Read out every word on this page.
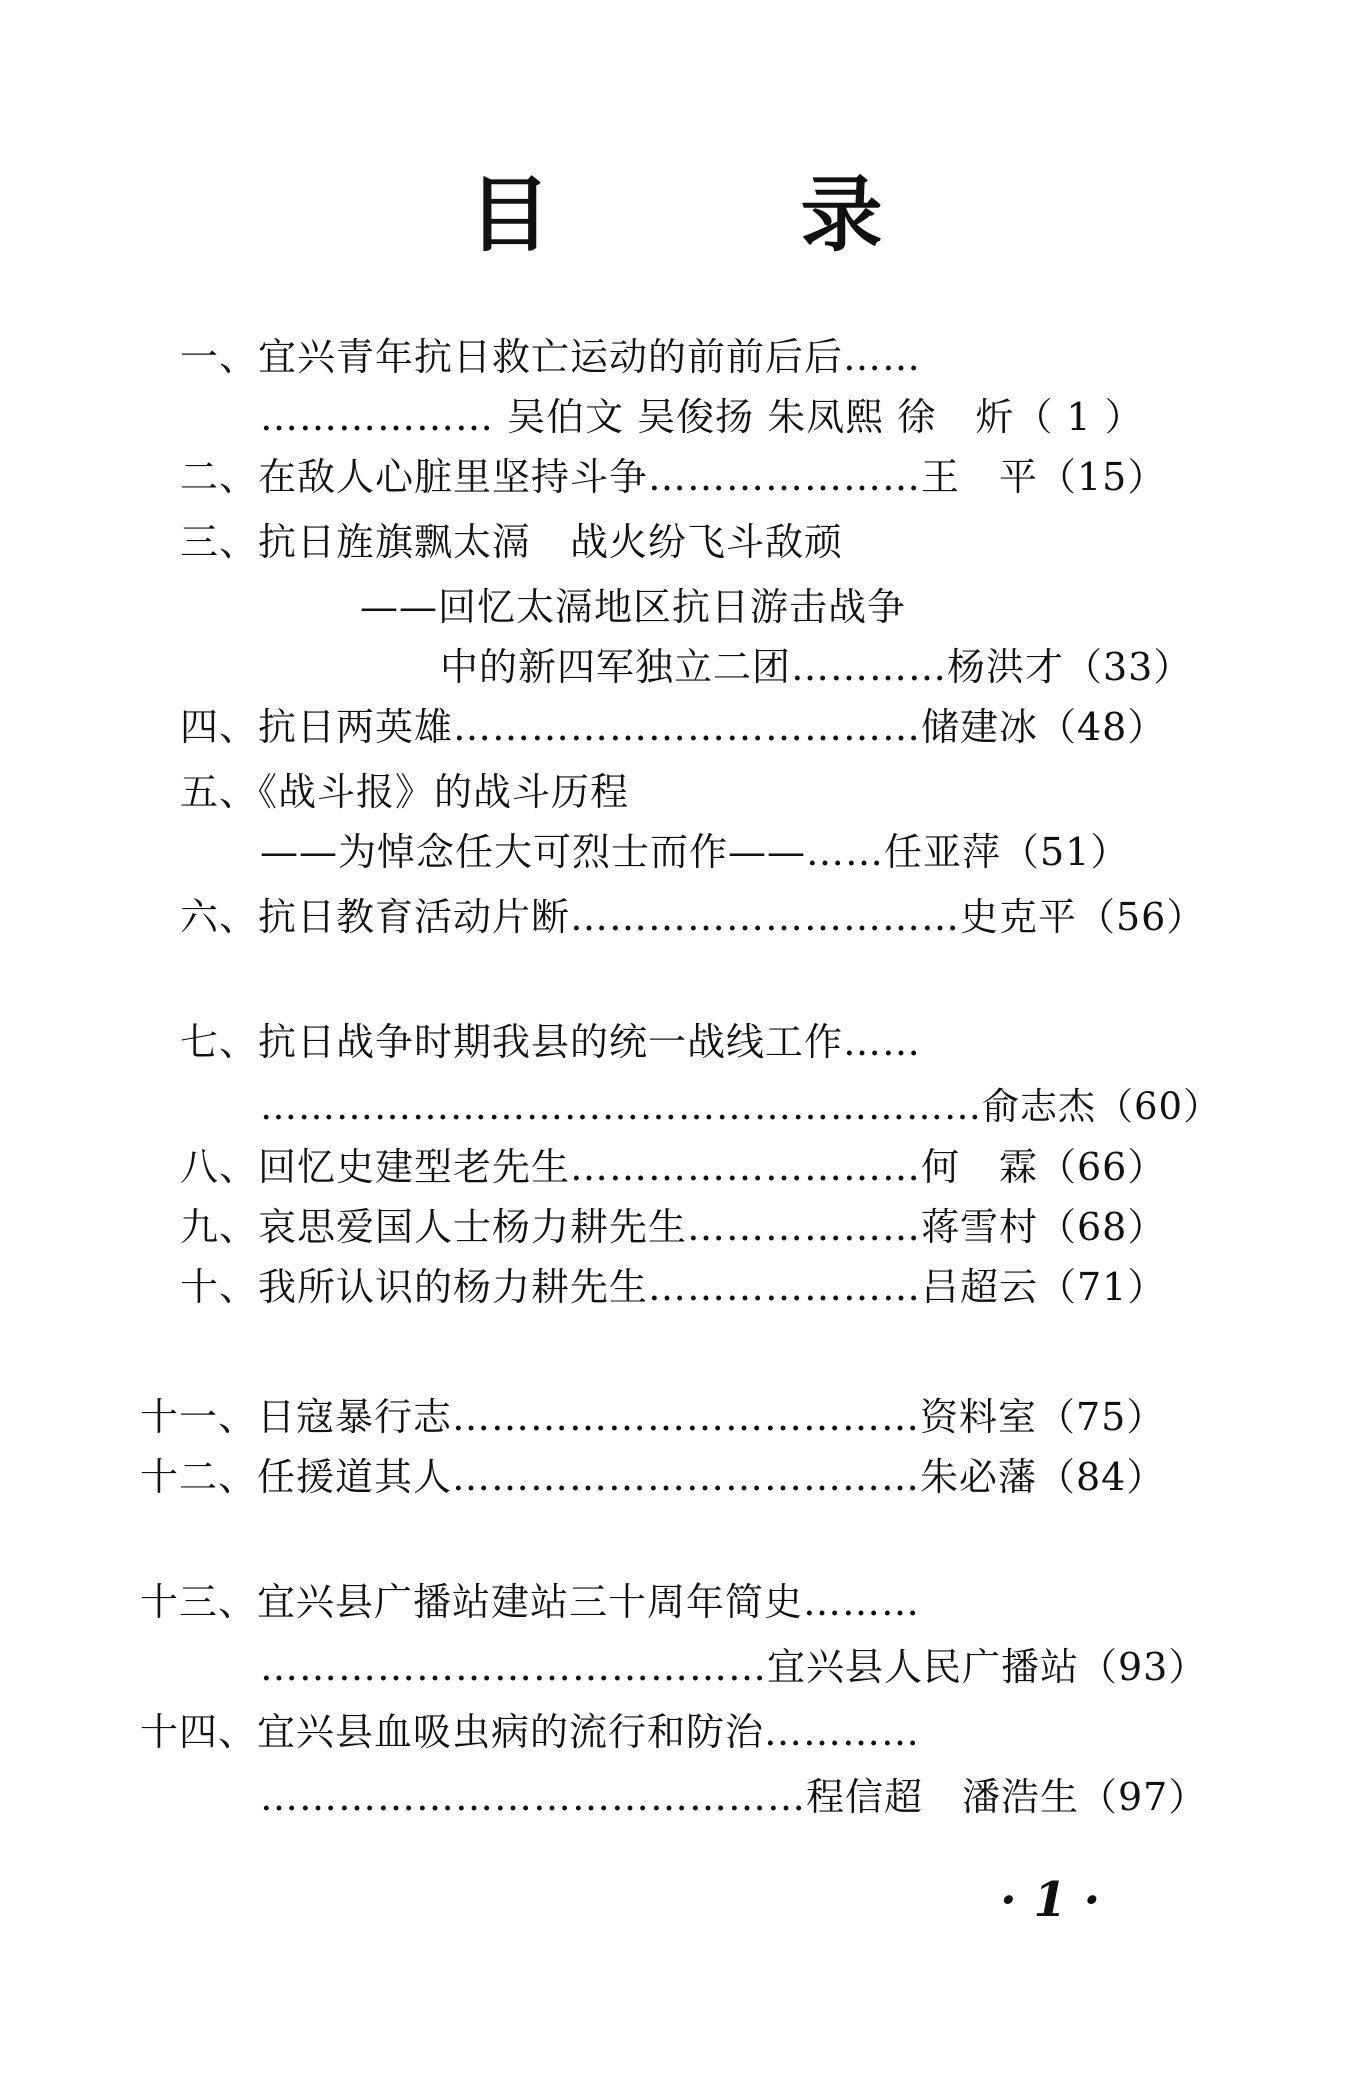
目	录
一、宜兴青年抗日救亡运动的前前后后……
……………… 吴伯文 吴俊扬 朱凤熙 徐　炘（ 1 ）
二、在敌人心脏里坚持斗争…………………王　平（15）
三、抗日旌旗飘太滆　战火纷飞斗敌顽
——回忆太滆地区抗日游击战争
中的新四军独立二团…………杨洪才（33）
四、抗日两英雄………………………………储建冰（48）
五、《战斗报》的战斗历程
——为悼念任大可烈士而作——……任亚萍（51）
六、抗日教育活动片断…………………………史克平（56）
七、抗日战争时期我县的统一战线工作……
…………………………………………………俞志杰（60）
八、回忆史建型老先生………………………何　霖（66）
九、哀思爱国人士杨力耕先生………………蒋雪村（68）
十、我所认识的杨力耕先生…………………吕超云（71）
十一、日寇暴行志………………………………资料室（75）
十二、任援道其人………………………………朱必藩（84）
十三、宜兴县广播站建站三十周年简史………
…………………………………宜兴县人民广播站（93）
十四、宜兴县血吸虫病的流行和防治…………
……………………………………程信超　潘浩生（97）
· 1 ·
